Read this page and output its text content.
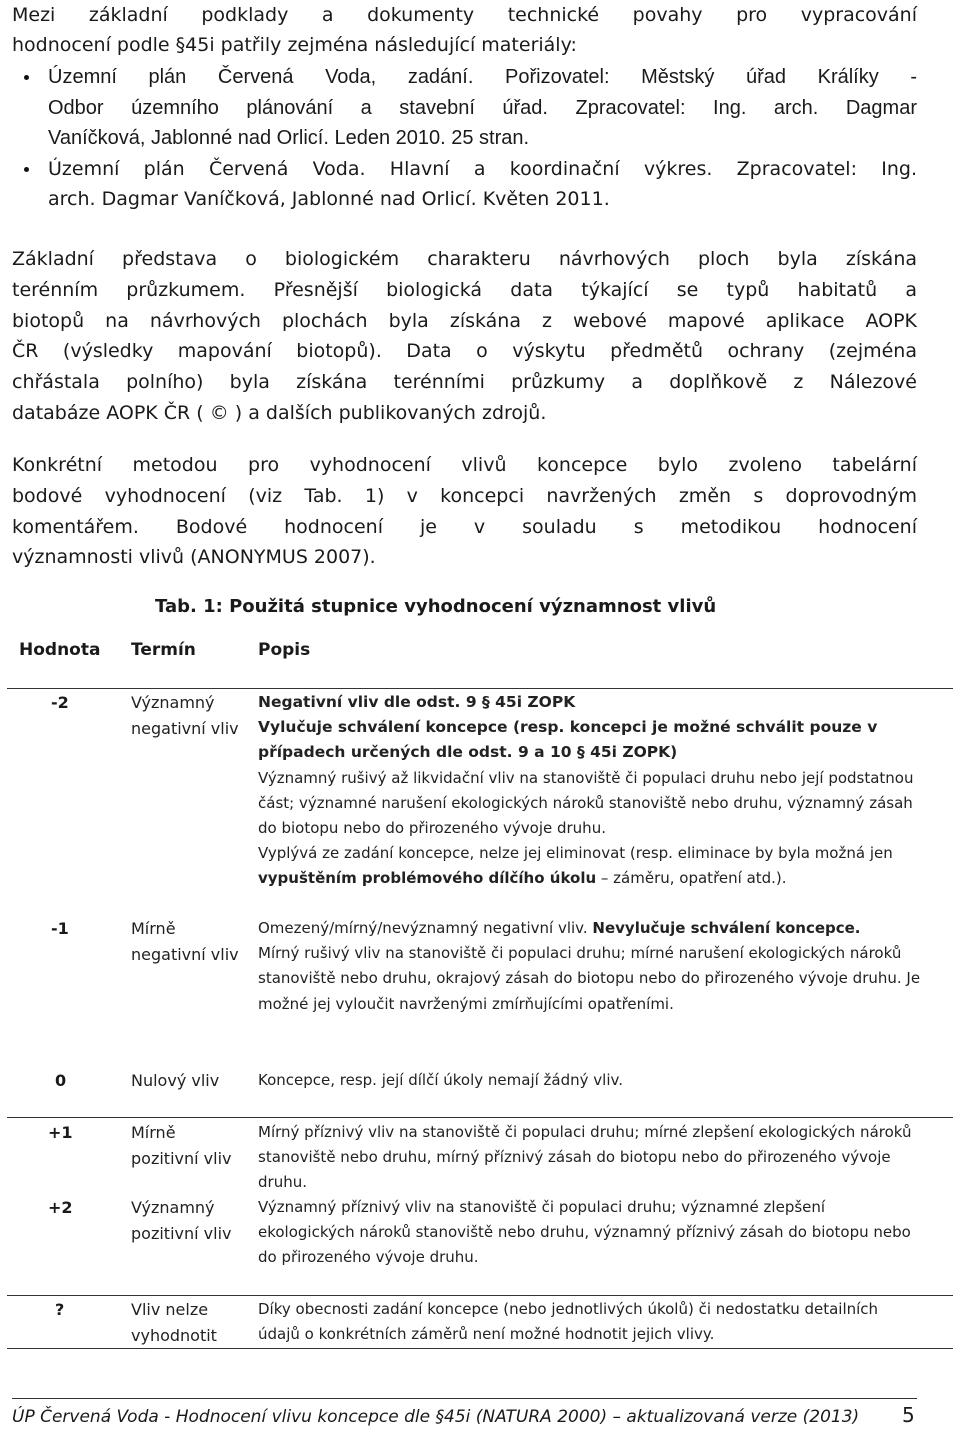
Mezi základní podklady a dokumenty technické povahy pro vypracování
hodnocení podle §45i patřily zejména následující materiály:
Územní plán Červená Voda, zadání. Pořizovatel: Městský úřad Králíky -
Odbor územního plánování a stavební úřad. Zpracovatel: Ing. arch. Dagmar
Vaníčková, Jablonné nad Orlicí. Leden 2010. 25 stran.
Územní plán Červená Voda. Hlavní a koordinační výkres. Zpracovatel: Ing.
arch. Dagmar Vaníčková, Jablonné nad Orlicí. Květen 2011.
Základní představa o biologickém charakteru návrhových ploch byla získána
terénním průzkumem. Přesnější biologická data týkající se typů habitatů a
biotopů na návrhových plochách byla získána z webové mapové aplikace AOPK
ČR (výsledky mapování biotopů). Data o výskytu předmětů ochrany (zejména
chřástala polního) byla získána terénními průzkumy a doplňkově z Nálezové
databáze AOPK ČR ( © ) a dalších publikovaných zdrojů.
Konkrétní metodou pro vyhodnocení vlivů koncepce bylo zvoleno tabelární
bodové vyhodnocení (viz Tab. 1) v koncepci navržených změn s doprovodným
komentářem. Bodové hodnocení je v souladu s metodikou hodnocení
významnosti vlivů (ANONYMUS 2007).
Tab. 1: Použitá stupnice vyhodnocení významnost vlivů
Hodnota Termín	Popis
-2	Významný negativní vliv
Negativní vliv dle odst. 9 § 45i ZOPK
Vylučuje schválení koncepce (resp. koncepci je možné schválit pouze v případech určených dle odst. 9 a 10 § 45i ZOPK)
Významný rušivý až likvidační vliv na stanoviště či populaci druhu nebo její podstatnou část; významné narušení ekologických nároků stanoviště nebo druhu, významný zásah do biotopu nebo do přirozeného vývoje druhu.
Vyplývá ze zadání koncepce, nelze jej eliminovat (resp. eliminace by byla možná jen vypuštěním problémového dílčího úkolu – záměru, opatření atd.).
-1	Mírně negativní vliv
Omezený/mírný/nevýznamný negativní vliv. Nevylučuje schválení koncepce.
Mírný rušivý vliv na stanoviště či populaci druhu; mírné narušení ekologických nároků stanoviště nebo druhu, okrajový zásah do biotopu nebo do přirozeného vývoje druhu. Je možné jej vyloučit navrženými zmírňujícími opatřeními.
0	Nulový vliv	Koncepce, resp. její dílčí úkoly nemají žádný vliv.
+1	Mírně pozitivní vliv
Mírný příznivý vliv na stanoviště či populaci druhu; mírné zlepšení ekologických nároků stanoviště nebo druhu, mírný příznivý zásah do biotopu nebo do přirozeného vývoje druhu.
+2	Významný pozitivní vliv
Významný příznivý vliv na stanoviště či populaci druhu; významné zlepšení ekologických nároků stanoviště nebo druhu, významný příznivý zásah do biotopu nebo do přirozeného vývoje druhu.
?	Vliv nelze vyhodnotit
Díky obecnosti zadání koncepce (nebo jednotlivých úkolů) či nedostatku detailních údajů o konkrétních záměrů není možné hodnotit jejich vlivy.
ÚP Červená Voda - Hodnocení vlivu koncepce dle §45i (NATURA 2000) – aktualizovaná verze (2013) 5
